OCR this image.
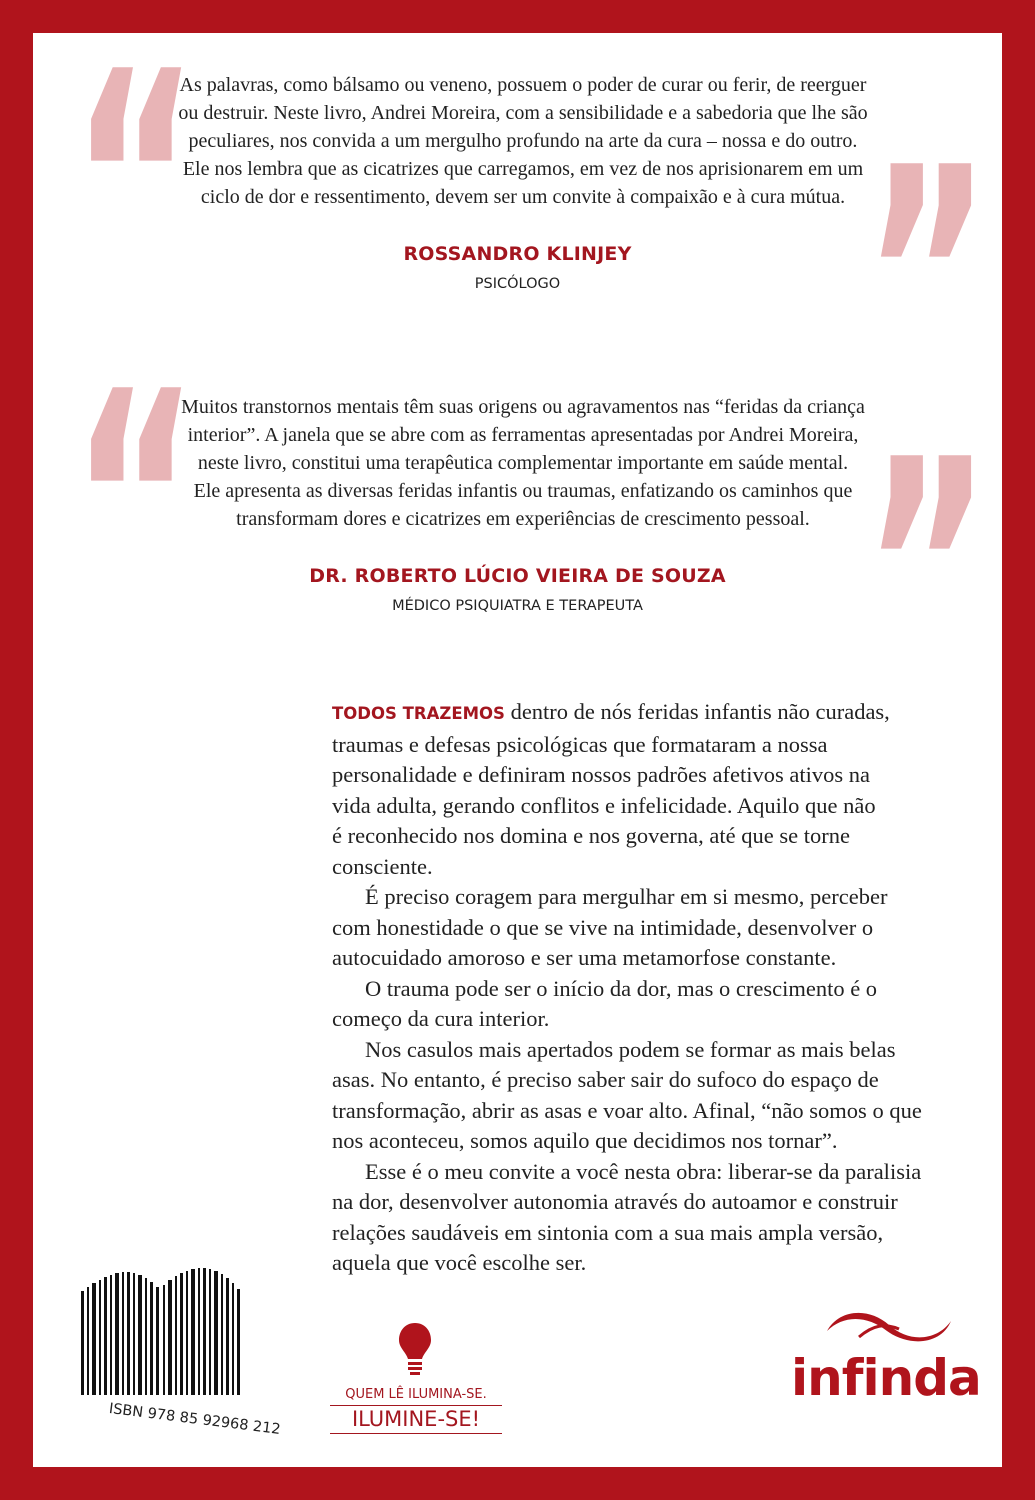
“ As palavras, como bálsamo ou veneno, possuem o poder de curar ou ferir, de reerguer
ou destruir. Neste livro, Andrei Moreira, com a sensibilidade e a sabedoria que lhe são
peculiares, nos convida a um mergulho profundo na arte da cura – nossa e do outro.
Ele nos lembra que as cicatrizes que carregamos, em vez de nos aprisionarem em um
ciclo de dor e ressentimento, devem ser um convite à compaixão e à cura mútua. ”
ROSSANDRO KLINJEY
PSICÓLOGO
“ Muitos transtornos mentais têm suas origens ou agravamentos nas “feridas da criança
interior”. A janela que se abre com as ferramentas apresentadas por Andrei Moreira,
neste livro, constitui uma terapêutica complementar importante em saúde mental.
Ele apresenta as diversas feridas infantis ou traumas, enfatizando os caminhos que
transformam dores e cicatrizes em experiências de crescimento pessoal. ”
DR. ROBERTO LÚCIO VIEIRA DE SOUZA
MÉDICO PSIQUIATRA E TERAPEUTA
TODOS TRAZEMOS dentro de nós feridas infantis não curadas,
traumas e defesas psicológicas que formataram a nossa
personalidade e definiram nossos padrões afetivos ativos na
vida adulta, gerando conflitos e infelicidade. Aquilo que não
é reconhecido nos domina e nos governa, até que se torne
consciente.
É preciso coragem para mergulhar em si mesmo, perceber
com honestidade o que se vive na intimidade, desenvolver o
autocuidado amoroso e ser uma metamorfose constante.
O trauma pode ser o início da dor, mas o crescimento é o
começo da cura interior.
Nos casulos mais apertados podem se formar as mais belas
asas. No entanto, é preciso saber sair do sufoco do espaço de
transformação, abrir as asas e voar alto. Afinal, “não somos o que
nos aconteceu, somos aquilo que decidimos nos tornar”.
Esse é o meu convite a você nesta obra: liberar-se da paralisia
na dor, desenvolver autonomia através do autoamor e construir
relações saudáveis em sintonia com a sua mais ampla versão,
aquela que você escolhe ser.
ISBN 978 85 92968 212
QUEM LÊ ILUMINA-SE.
ILUMINE-SE!
infinda
